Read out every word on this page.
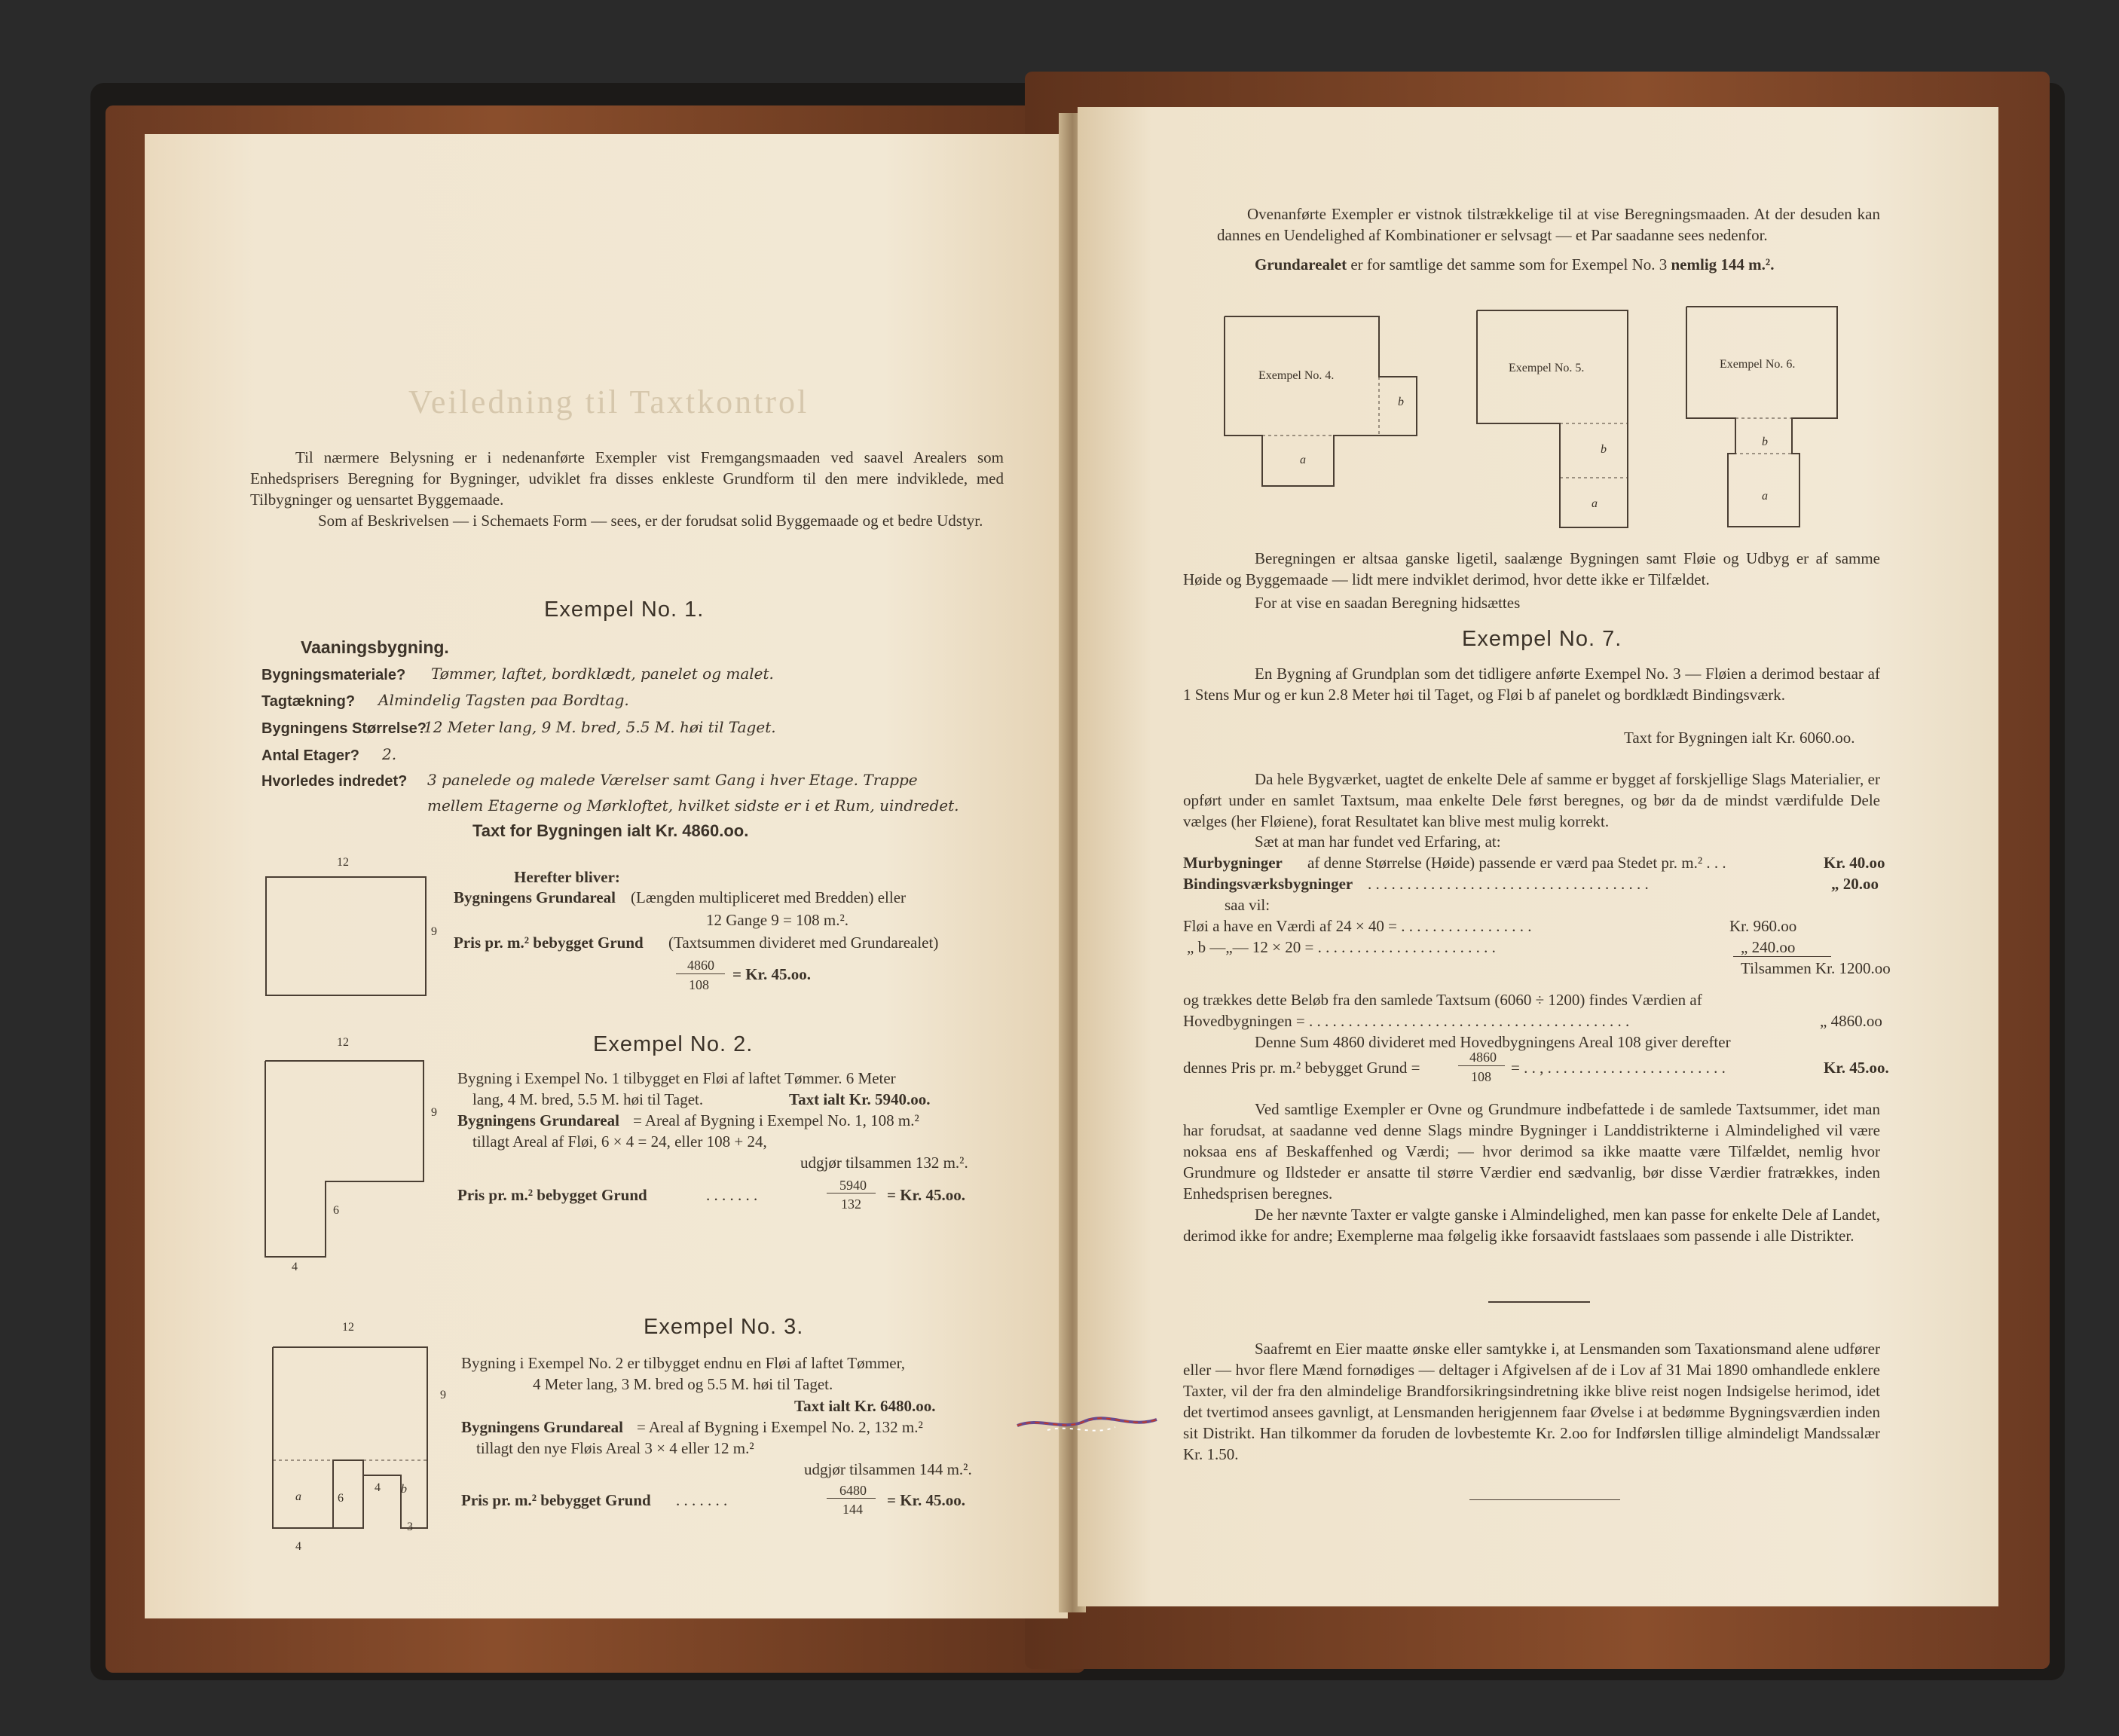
Veiledning til Taxtkontrol
Til nærmere Belysning er i nedenanførte Exempler vist Fremgangsmaaden ved saavel Arealers som Enhedsprisers Beregning for Bygninger, udviklet fra disses enkleste Grundform til den mere indviklede, med Tilbygninger og uensartet Byggemaade.
Som af Beskrivelsen — i Schemaets Form — sees, er der forudsat solid Byggemaade og et bedre Udstyr.
Exempel No. 1.
Vaaningsbygning.
Bygningsmateriale? Tømmer, laftet, bordklædt, panelet og malet.
Tagtækning? Almindelig Tagsten paa Bordtag.
Bygningens Størrelse?
12 Meter lang, 9 M. bred, 5.5 M. høi til Taget.
Antal Etager? 2.
Hvorledes indredet? 3 panelede og malede Værelser samt Gang i hver Etage. Trappe
mellem Etagerne og Mørkloftet, hvilket sidste er i et Rum, uindredet.
Taxt for Bygningen ialt Kr. 4860.oo.
12
9
Herefter bliver:
Bygningens Grundareal (Længden multipliceret med Bredden) eller
12 Gange 9 = 108 m.².
Pris pr. m.² bebygget Grund (Taxtsummen divideret med Grundarealet)
4860
108
= Kr. 45.oo.
Exempel No. 2.
12
9
6
4
Bygning i Exempel No. 1 tilbygget en Fløi af laftet Tømmer. 6 Meter
lang, 4 M. bred, 5.5 M. høi til Taget.	Taxt ialt Kr. 5940.oo.
Bygningens Grundareal = Areal af Bygning i Exempel No. 1, 108 m.²
tillagt Areal af Fløi, 6 × 4 = 24, eller 108 + 24,
udgjør tilsammen 132 m.².
Pris pr. m.² bebygget Grund	. . . . . . .
5940
132 = Kr. 45.oo.
Exempel No. 3.
12
9
a	6
4 b
3
4
Bygning i Exempel No. 2 er tilbygget endnu en Fløi af laftet Tømmer,
4 Meter lang, 3 M. bred og 5.5 M. høi til Taget.
Taxt ialt Kr. 6480.oo.
Bygningens Grundareal = Areal af Bygning i Exempel No. 2, 132 m.²
tillagt den nye Fløis Areal 3 × 4 eller 12 m.²
udgjør tilsammen 144 m.².
Pris pr. m.² bebygget Grund . . . . . . .
6480
144 = Kr. 45.oo.
Ovenanførte Exempler er vistnok tilstrækkelige til at vise Beregningsmaaden. At der desuden kan dannes en Uendelighed af Kombinationer er selvsagt — et Par saadanne sees nedenfor.
Grundarealet er for samtlige det samme som for Exempel No. 3 nemlig 144 m.².
Exempel No. 4.
b
a
Exempel No. 5.
b
a
Exempel No. 6.
b
a
Beregningen er altsaa ganske ligetil, saalænge Bygningen samt Fløie og Udbyg er af samme Høide og Byggemaade — lidt mere indviklet derimod, hvor dette ikke er Tilfældet.
For at vise en saadan Beregning hidsættes
Exempel No. 7.
En Bygning af Grundplan som det tidligere anførte Exempel No. 3 — Fløien a derimod bestaar af 1 Stens Mur og er kun 2.8 Meter høi til Taget, og Fløi b af panelet og bordklædt Bindingsværk.
Taxt for Bygningen ialt Kr. 6060.oo.
Da hele Bygværket, uagtet de enkelte Dele af samme er bygget af forskjellige Slags Materialier, er opført under en samlet Taxtsum, maa enkelte Dele først beregnes, og bør da de mindst værdifulde Dele vælges (her Fløiene), forat Resultatet kan blive mest mulig korrekt.
Sæt at man har fundet ved Erfaring, at:
Murbygninger af denne Størrelse (Høide) passende er værd paa Stedet pr. m.² . . .	Kr. 40.oo
Bindingsværksbygninger . . . . . . . . . . . . . . . . . . . . . . . . . . . . . . . . . . . .	„ 20.oo
saa vil:
Fløi a have en Værdi af 24 × 40 = . . . . . . . . . . . . . . . . .	Kr. 960.oo
„ b —„— 12 × 20 = . . . . . . . . . . . . . . . . . . . . . . .	„ 240.oo
Tilsammen Kr. 1200.oo
og trækkes dette Beløb fra den samlede Taxtsum (6060 ÷ 1200) findes Værdien af
Hovedbygningen = . . . . . . . . . . . . . . . . . . . . . . . . . . . . . . . . . . . . . . . . .	„ 4860.oo
Denne Sum 4860 divideret med Hovedbygningens Areal 108 giver derefter
dennes Pris pr. m.² bebygget Grund =
4860
108 = . . , . . . . . . . . . . . . . . . . . . . . . . .	Kr. 45.oo.
Ved samtlige Exempler er Ovne og Grundmure indbefattede i de samlede Taxtsummer, idet man har forudsat, at saadanne ved denne Slags mindre Bygninger i Landdistrikterne i Almindelighed vil være noksaa ens af Beskaffenhed og Værdi; — hvor derimod sa ikke maatte være Tilfældet, nemlig hvor Grundmure og Ildsteder er ansatte til større Værdier end sædvanlig, bør disse Værdier fratrækkes, inden Enhedsprisen beregnes.
De her nævnte Taxter er valgte ganske i Almindelighed, men kan passe for enkelte Dele af Landet, derimod ikke for andre; Exemplerne maa følgelig ikke forsaavidt fastslaaes som passende i alle Distrikter.
Saafremt en Eier maatte ønske eller samtykke i, at Lensmanden som Taxationsmand alene udfører eller — hvor flere Mænd fornødiges — deltager i Afgivelsen af de i Lov af 31 Mai 1890 omhandlede enklere Taxter, vil der fra den almindelige Brandforsikringsindretning ikke blive reist nogen Indsigelse herimod, idet det tvertimod ansees gavnligt, at Lensmanden herigjennem faar Øvelse i at bedømme Bygningsværdien inden sit Distrikt. Han tilkommer da foruden de lovbestemte Kr. 2.oo for Indførslen tillige almindeligt Mandssalær Kr. 1.50.
